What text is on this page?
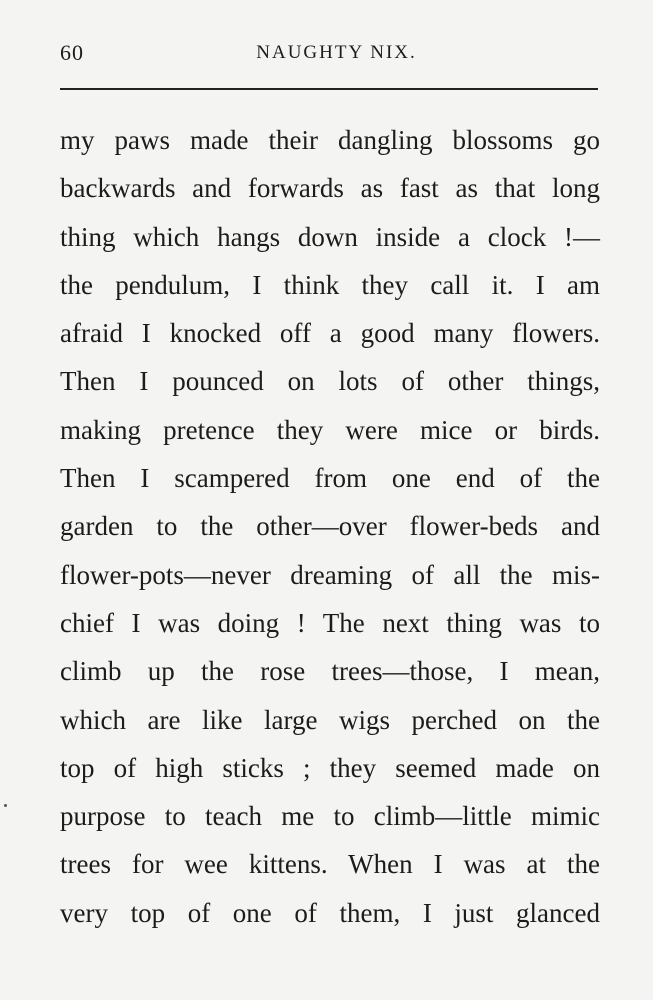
60	NAUGHTY NIX.
my paws made their dangling blossoms go
backwards and forwards as fast as that long
thing which hangs down inside a clock !—
the pendulum, I think they call it. I am
afraid I knocked off a good many flowers.
Then I pounced on lots of other things,
making pretence they were mice or birds.
Then I scampered from one end of the
garden to the other—over flower-beds and
flower-pots—never dreaming of all the mis-
chief I was doing ! The next thing was to
climb up the rose trees—those, I mean,
which are like large wigs perched on the
top of high sticks ; they seemed made on
purpose to teach me to climb—little mimic
trees for wee kittens. When I was at the
very top of one of them, I just glanced
